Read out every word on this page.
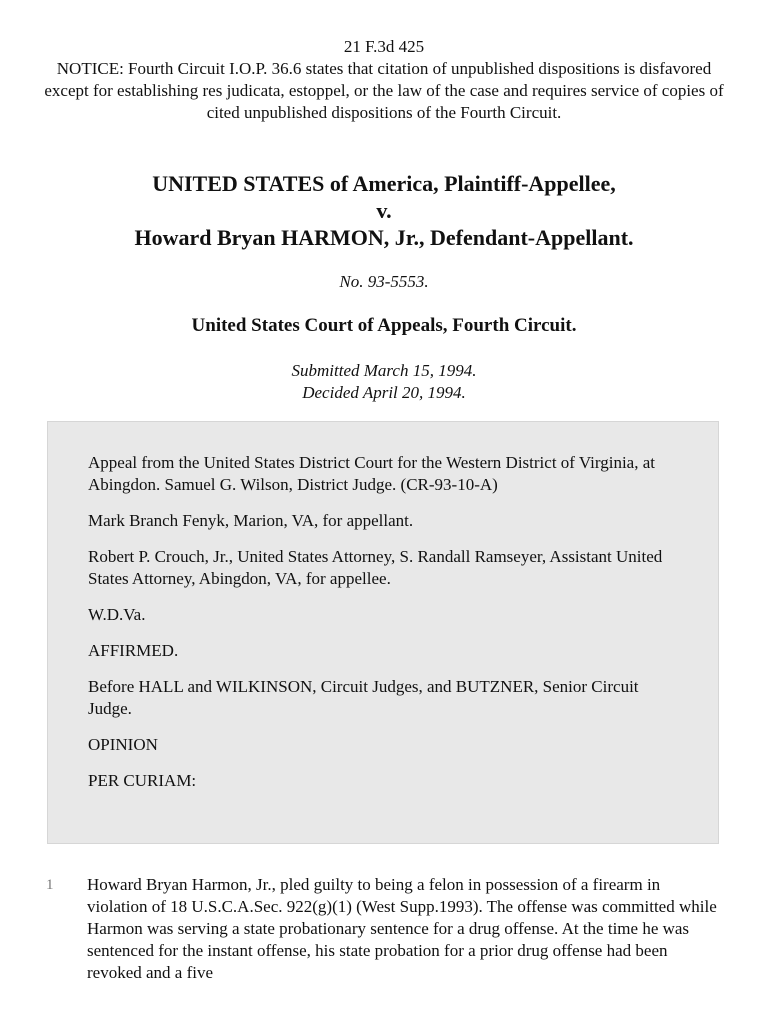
21 F.3d 425
NOTICE: Fourth Circuit I.O.P. 36.6 states that citation of unpublished dispositions is disfavored except for establishing res judicata, estoppel, or the law of the case and requires service of copies of cited unpublished dispositions of the Fourth Circuit.
UNITED STATES of America, Plaintiff-Appellee,
v.
Howard Bryan HARMON, Jr., Defendant-Appellant.
No. 93-5553.
United States Court of Appeals, Fourth Circuit.
Submitted March 15, 1994.
Decided April 20, 1994.

Appeal from the United States District Court for the Western District of Virginia, at Abingdon. Samuel G. Wilson, District Judge. (CR-93-10-A)

Mark Branch Fenyk, Marion, VA, for appellant.

Robert P. Crouch, Jr., United States Attorney, S. Randall Ramseyer, Assistant United States Attorney, Abingdon, VA, for appellee.

W.D.Va.

AFFIRMED.

Before HALL and WILKINSON, Circuit Judges, and BUTZNER, Senior Circuit Judge.

OPINION

PER CURIAM:

1 Howard Bryan Harmon, Jr., pled guilty to being a felon in possession of a firearm in violation of 18 U.S.C.A.Sec. 922(g)(1) (West Supp.1993). The offense was committed while Harmon was serving a state probationary sentence for a drug offense. At the time he was sentenced for the instant offense, his state probation for a prior drug offense had been revoked and a five
